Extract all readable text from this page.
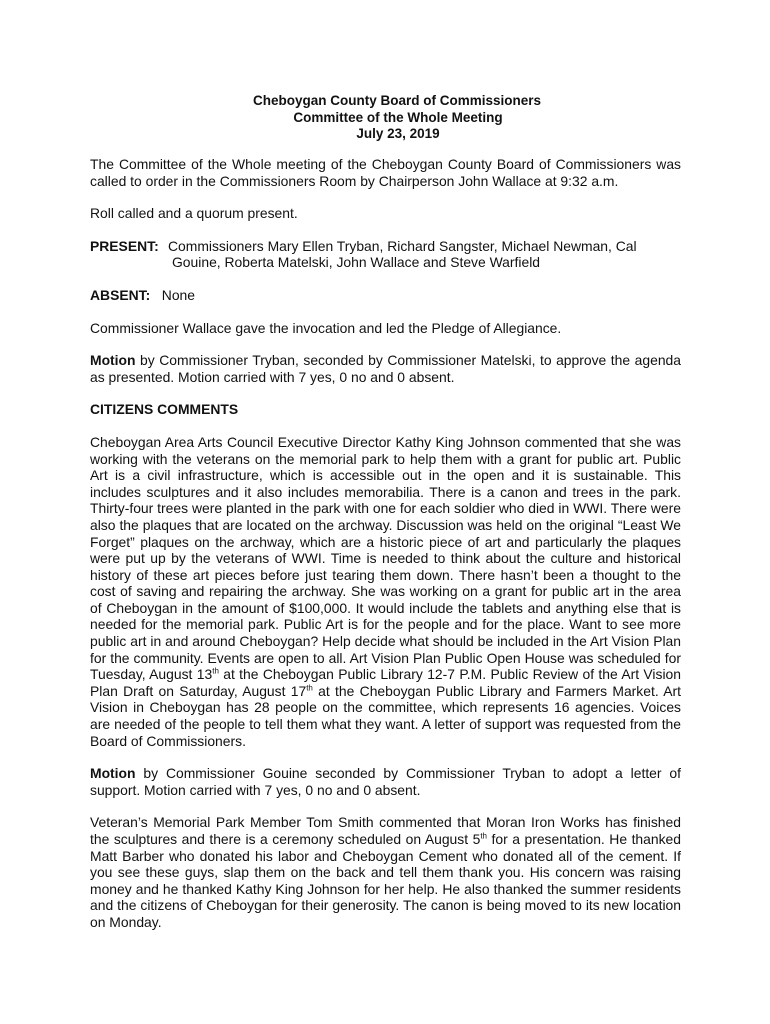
Cheboygan County Board of Commissioners
Committee of the Whole Meeting
July 23, 2019

The Committee of the Whole meeting of the Cheboygan County Board of Commissioners was called to order in the Commissioners Room by Chairperson John Wallace at 9:32 a.m.

Roll called and a quorum present.

PRESENT: Commissioners Mary Ellen Tryban, Richard Sangster, Michael Newman, Cal
Gouine, Roberta Matelski, John Wallace and Steve Warfield

ABSENT: None

Commissioner Wallace gave the invocation and led the Pledge of Allegiance.

Motion by Commissioner Tryban, seconded by Commissioner Matelski, to approve the agenda as presented. Motion carried with 7 yes, 0 no and 0 absent.

CITIZENS COMMENTS

Cheboygan Area Arts Council Executive Director Kathy King Johnson commented that she was working with the veterans on the memorial park to help them with a grant for public art. Public Art is a civil infrastructure, which is accessible out in the open and it is sustainable. This includes sculptures and it also includes memorabilia. There is a canon and trees in the park. Thirty-four trees were planted in the park with one for each soldier who died in WWI. There were also the plaques that are located on the archway. Discussion was held on the original “Least We Forget” plaques on the archway, which are a historic piece of art and particularly the plaques were put up by the veterans of WWI. Time is needed to think about the culture and historical history of these art pieces before just tearing them down. There hasn’t been a thought to the cost of saving and repairing the archway. She was working on a grant for public art in the area of Cheboygan in the amount of $100,000. It would include the tablets and anything else that is needed for the memorial park. Public Art is for the people and for the place. Want to see more public art in and around Cheboygan? Help decide what should be included in the Art Vision Plan for the community. Events are open to all. Art Vision Plan Public Open House was scheduled for Tuesday, August 13th at the Cheboygan Public Library 12-7 P.M. Public Review of the Art Vision Plan Draft on Saturday, August 17th at the Cheboygan Public Library and Farmers Market. Art Vision in Cheboygan has 28 people on the committee, which represents 16 agencies. Voices are needed of the people to tell them what they want. A letter of support was requested from the Board of Commissioners.

Motion by Commissioner Gouine seconded by Commissioner Tryban to adopt a letter of support. Motion carried with 7 yes, 0 no and 0 absent.

Veteran’s Memorial Park Member Tom Smith commented that Moran Iron Works has finished the sculptures and there is a ceremony scheduled on August 5th for a presentation. He thanked Matt Barber who donated his labor and Cheboygan Cement who donated all of the cement. If you see these guys, slap them on the back and tell them thank you. His concern was raising money and he thanked Kathy King Johnson for her help. He also thanked the summer residents and the citizens of Cheboygan for their generosity. The canon is being moved to its new location on Monday.
